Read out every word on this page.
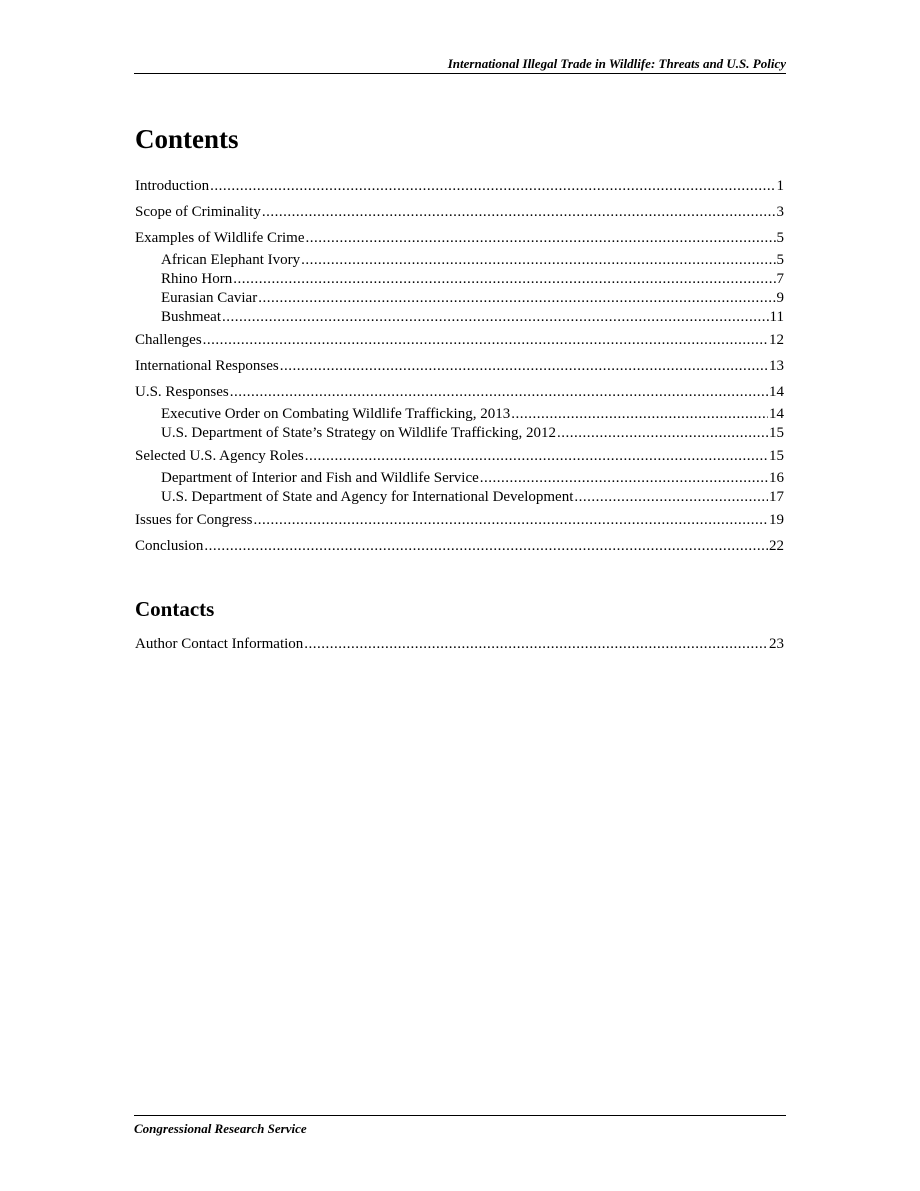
International Illegal Trade in Wildlife: Threats and U.S. Policy
Contents
Introduction .....	1
Scope of Criminality .....	3
Examples of Wildlife Crime .....	5
African Elephant Ivory .....	5
Rhino Horn .....	7
Eurasian Caviar .....	9
Bushmeat .....	11
Challenges .....	12
International Responses .....	13
U.S. Responses .....	14
Executive Order on Combating Wildlife Trafficking, 2013 .....	14
U.S. Department of State’s Strategy on Wildlife Trafficking, 2012 .....	15
Selected U.S. Agency Roles .....	15
Department of Interior and Fish and Wildlife Service .....	16
U.S. Department of State and Agency for International Development .....	17
Issues for Congress .....	19
Conclusion .....	22
Contacts
Author Contact Information .....	23
Congressional Research Service
